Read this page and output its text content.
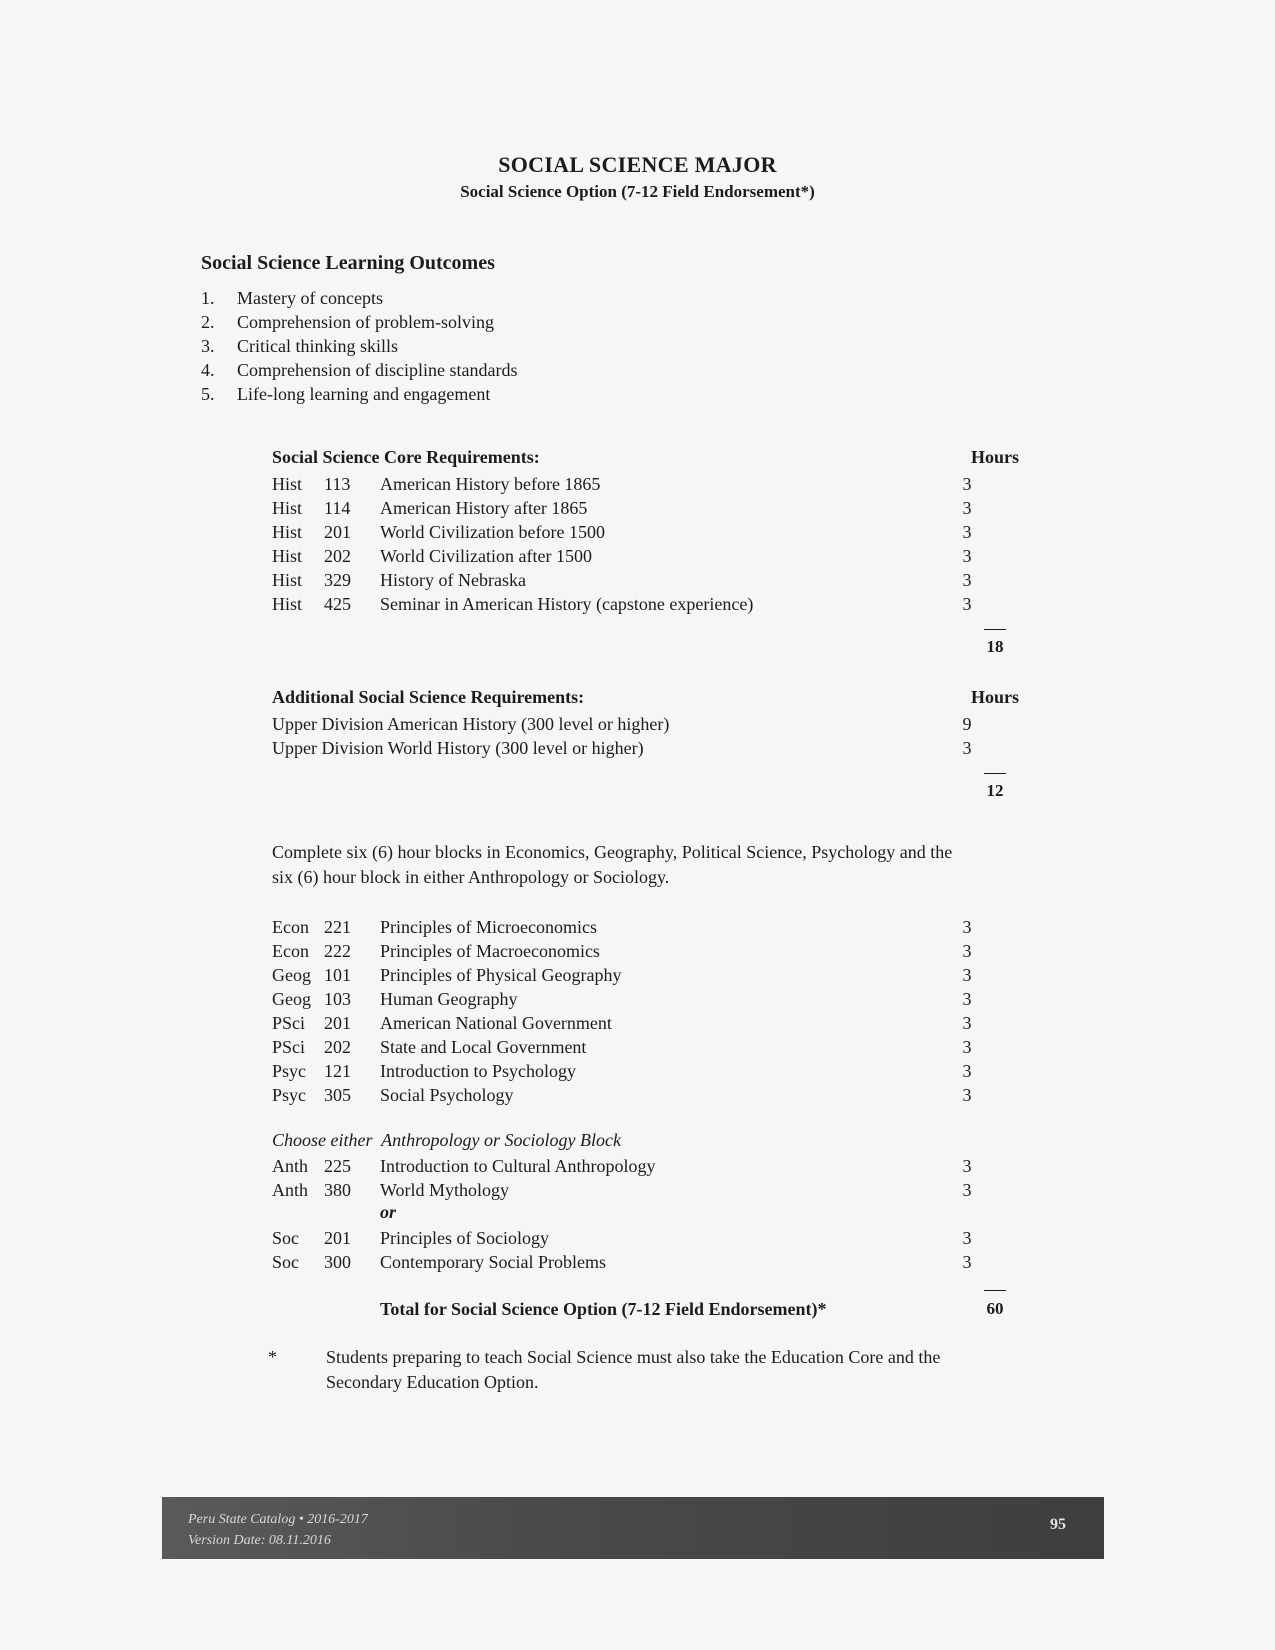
SOCIAL SCIENCE MAJOR
Social Science Option (7-12 Field Endorsement*)
Social Science Learning Outcomes
1.	Mastery of concepts
2.	Comprehension of problem-solving
3.	Critical thinking skills
4.	Comprehension of discipline standards
5.	Life-long learning and engagement
Social Science Core Requirements:	Hours
Hist	113	American History before 1865	3
Hist	114	American History after 1865	3
Hist	201	World Civilization before 1500	3
Hist	202	World Civilization after 1500	3
Hist	329	History of Nebraska	3
Hist	425	Seminar in American History (capstone experience)	3
18
Additional Social Science Requirements:	Hours
Upper Division American History (300 level or higher)	9
Upper Division World History (300 level or higher)	3
12
Complete six (6) hour blocks in Economics, Geography, Political Science, Psychology and the six (6) hour block in either Anthropology or Sociology.
Econ 221	Principles of Microeconomics	3
Econ 222	Principles of Macroeconomics	3
Geog 101	Principles of Physical Geography	3
Geog 103	Human Geography	3
PSci	201	American National Government	3
PSci	202	State and Local Government	3
Psyc 121	Introduction to Psychology	3
Psyc 305	Social Psychology	3
Choose either  Anthropology or Sociology Block
Anth 225	Introduction to Cultural Anthropology	3
Anth 380	World Mythology	3
or
Soc	201	Principles of Sociology	3
Soc	300	Contemporary Social Problems	3
Total for Social Science Option (7-12 Field Endorsement)*	60
*	Students preparing to teach Social Science must also take the Education Core and the Secondary Education Option.
Peru State Catalog • 2016-2017
Version Date: 08.11.2016
95
